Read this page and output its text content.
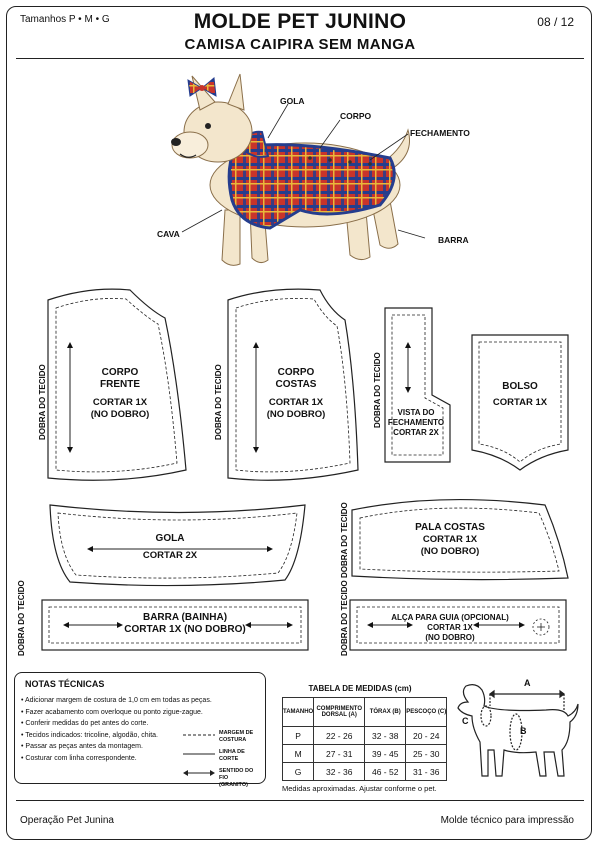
Tamanhos P • M • G	MOLDE PET JUNINO
CAMISA CAIPIRA SEM MANGA
08 / 12
GOLA
CORPO
FECHAMENTO
CAVA
BARRA
DOBRA DO TECIDO	DOBRA DO TECIDO	DOBRA DO TECIDO
DOBRA DO TECIDO
DOBRA DO TECIDO	DOBRA DO TECIDO
CORPO
FRENTE
CORTAR 1X
(NO DOBRO)
CORPO
COSTAS
CORTAR 1X
(NO DOBRO)	VISTA DO
FECHAMENTO
CORTAR 2X
BOLSO
CORTAR 1X
GOLA
CORTAR 2X
PALA COSTAS
CORTAR 1X
(NO DOBRO)
BARRA (BAINHA)
CORTAR 1X (NO DOBRO)
ALÇA PARA GUIA (OPCIONAL)
CORTAR 1X
(NO DOBRO)
NOTAS TÉCNICAS
• Adicionar margem de costura de 1,0 cm em todas as peças.
• Fazer acabamento com overloque ou ponto zigue-zague.
• Conferir medidas do pet antes do corte.
• Tecidos indicados: tricoline, algodão, chita.
• Passar as peças antes da montagem.
• Costurar com linha correspondente.
MARGEM DE COSTURA
LINHA DE CORTE
SENTIDO DO FIO
(GRANITO)
TABELA DE MEDIDAS (cm)
TAMANHO	COMPRIMENTO DORSAL (A)	TÓRAX (B)	PESCOÇO (C)
P	22 - 26	32 - 38	20 - 24
M	27 - 31	39 - 45	25 - 30
G	32 - 36	46 - 52	31 - 36
Medidas aproximadas. Ajustar conforme o pet.
A
B
C
Operação Pet Junina	Molde técnico para impressão
